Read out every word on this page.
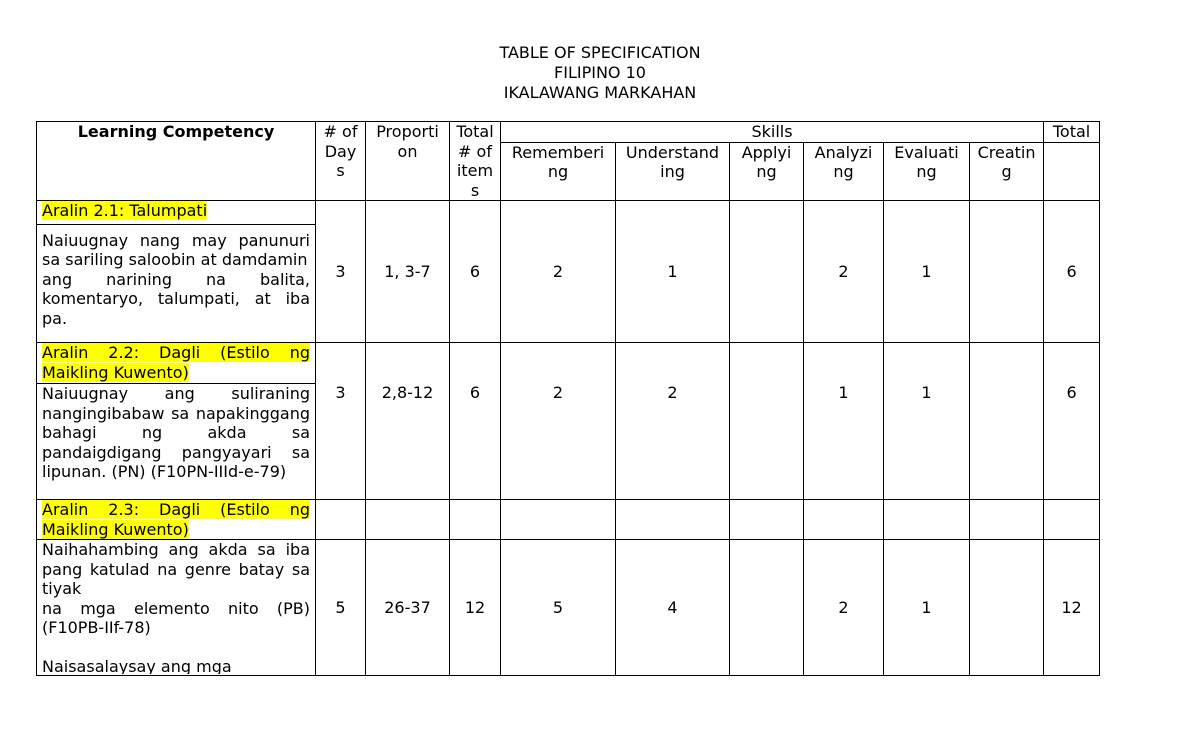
TABLE OF SPECIFICATION
FILIPINO 10
IKALAWANG MARKAHAN
Learning Competency	# of Day s	Proporti on	Total # of item s	Skills						Total
				Rememberi ng	Understand ing	Applyi ng	Analyzi ng	Evaluati ng	Creatin g	

Aralin 2.1: Talumpati
Naiuugnay nang may panunuri sa sariling saloobin at damdamin
ang narining na balita, komentaryo, talumpati, at iba pa.	3	1, 3-7	6	2	1		2	1		6

Aralin 2.2: Dagli (Estilo ng Maikling Kuwento)
Naiuugnay ang suliraning nangingibabaw sa napakinggang bahagi ng akda sa pandaigdigang pangyayari sa lipunan. (PN) (F10PN-IIId-e-79)	3	2,8-12	6	2	2		1	1		6
Aralin 2.3: Dagli (Estilo ng Maikling Kuwento)										

Naihahambing ang akda sa iba pang katulad na genre batay sa tiyak
na mga elemento nito (PB) (F10PB-IIf-78)
Naisasalaysay ang mga	5	26-37	12	5	4		2	1		12
